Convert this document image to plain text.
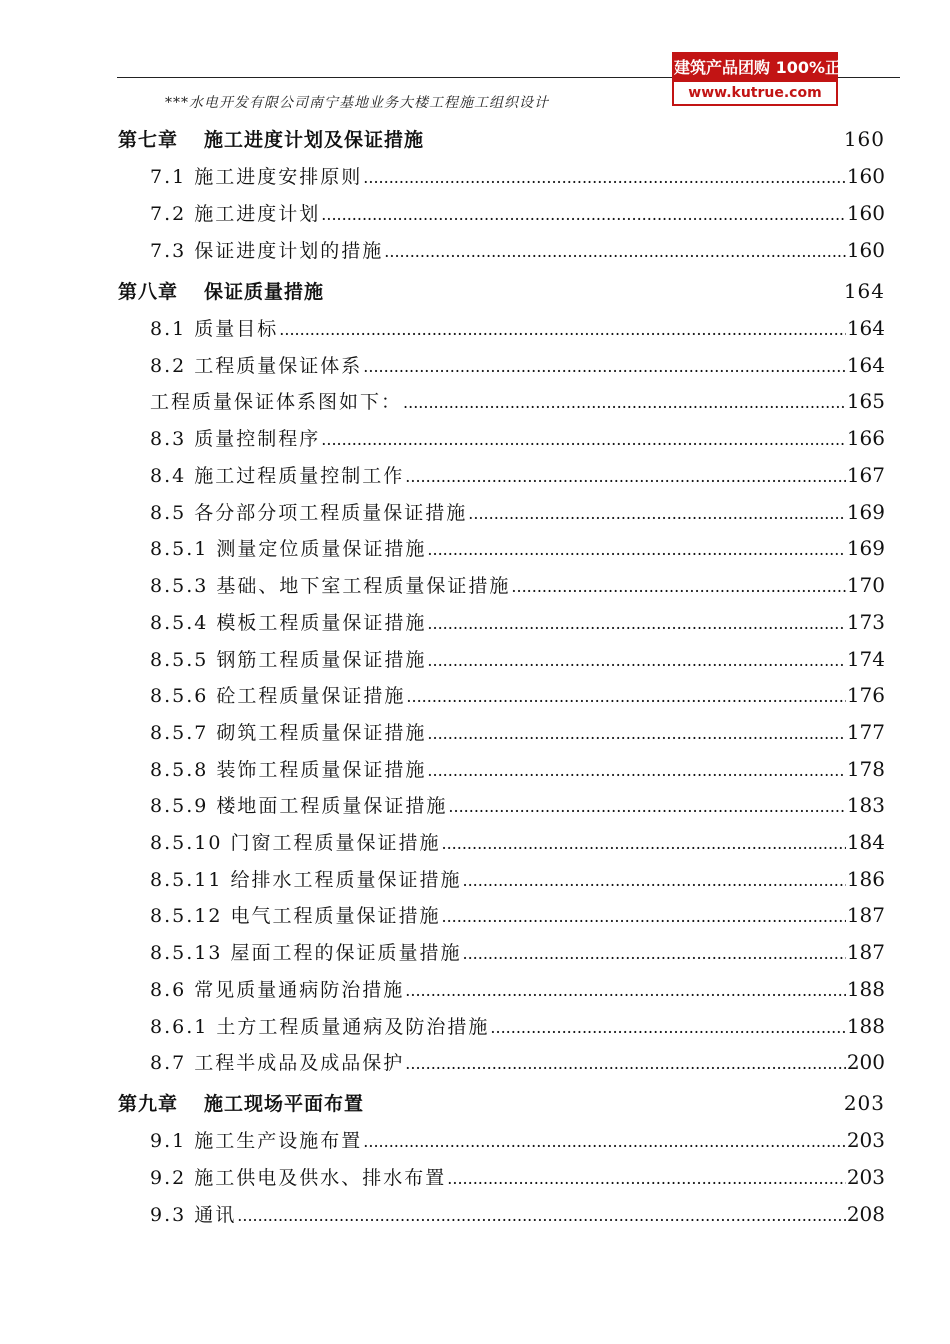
***水电开发有限公司南宁基地业务大楼工程施工组织设计
建筑产品团购 100%正品
www.kutrue.com
第七章 施工进度计划及保证措施	160
7.1 施工进度安排原则 .....	160
7.2 施工进度计划 .....	160
7.3 保证进度计划的措施 .....	160
第八章 保证质量措施	164
8.1 质量目标 .....	164
8.2 工程质量保证体系 .....	164
工程质量保证体系图如下： .....	165
8.3 质量控制程序 .....	166
8.4 施工过程质量控制工作 .....	167
8.5 各分部分项工程质量保证措施 .....	169
8.5.1 测量定位质量保证措施 .....	169
8.5.3 基础、地下室工程质量保证措施 .....	170
8.5.4 模板工程质量保证措施 .....	173
8.5.5 钢筋工程质量保证措施 .....	174
8.5.6 砼工程质量保证措施 .....	176
8.5.7 砌筑工程质量保证措施 .....	177
8.5.8 装饰工程质量保证措施 .....	178
8.5.9 楼地面工程质量保证措施 .....	183
8.5.10 门窗工程质量保证措施 .....	184
8.5.11 给排水工程质量保证措施 .....	186
8.5.12 电气工程质量保证措施 .....	187
8.5.13 屋面工程的保证质量措施 .....	187
8.6 常见质量通病防治措施 .....	188
8.6.1 土方工程质量通病及防治措施 .....	188
8.7 工程半成品及成品保护 .....	200
第九章 施工现场平面布置	203
9.1 施工生产设施布置 .....	203
9.2 施工供电及供水、排水布置 .....	203
9.3 通讯 .....	208
